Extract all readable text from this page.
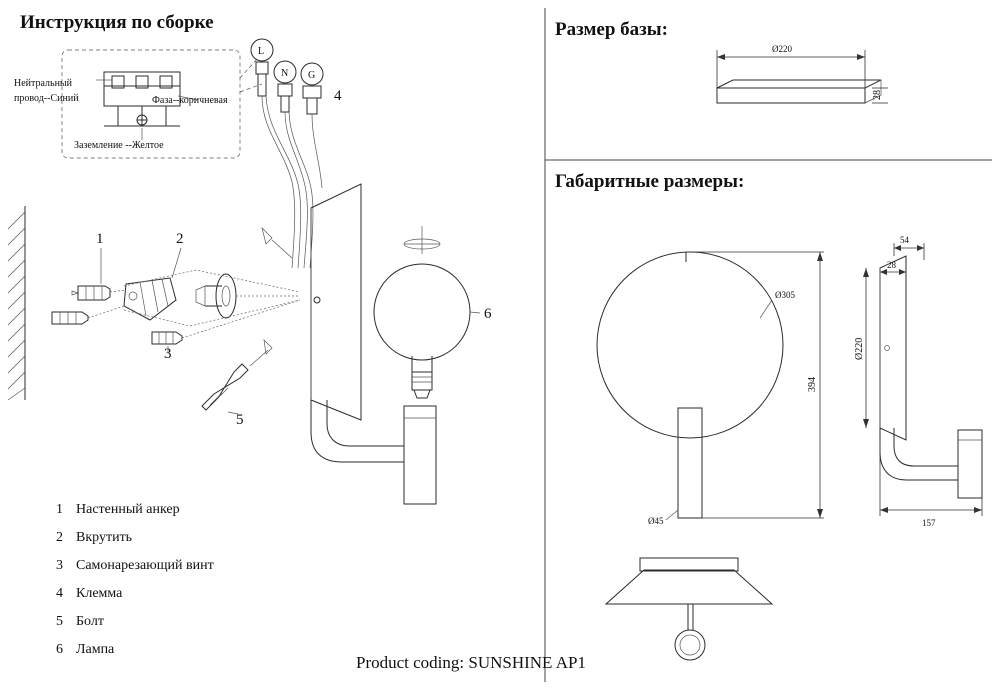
Инструкция по сборке	Размер базы:
Габаритные размеры:
Нейтральный
провод--Синий	Фаза--коричневая
Заземление --Желтое
L
N G
4
1	2
3
5
6
1 Настенный анкер
2 Вкрутить
3 Самонарезающий винт
4 Клемма
5 Болт
6 Лампа
Ø220
28
Ø305
394
Ø45
54
28
Ø220
157
Product coding: SUNSHINE AP1
